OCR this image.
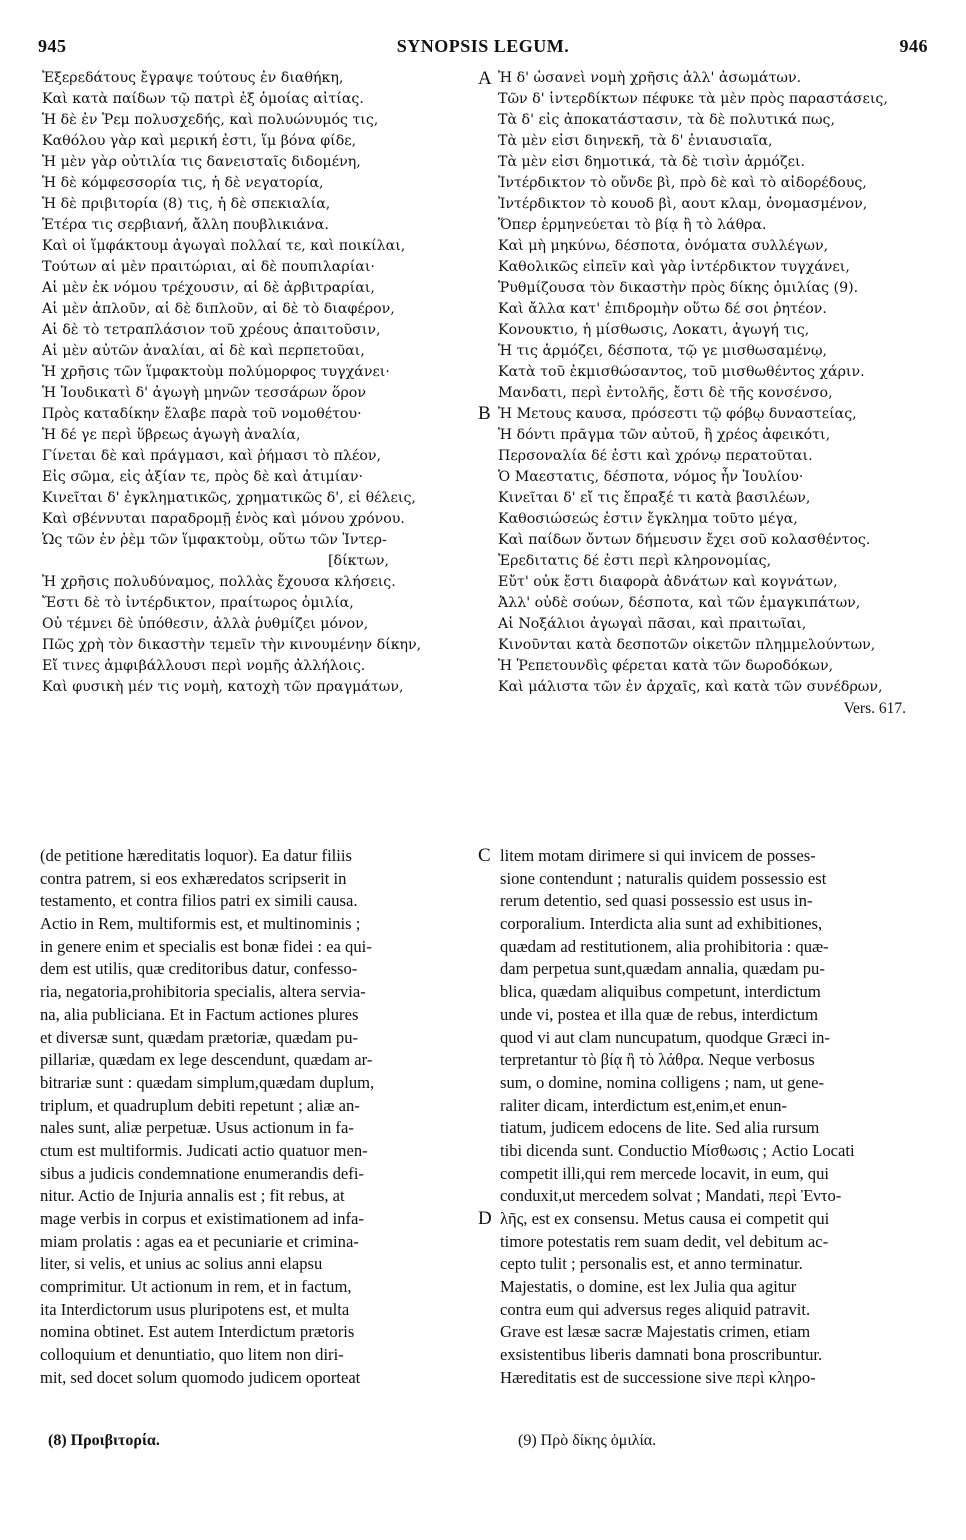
945	SYNOPSIS LEGUM.	946
Ἐξερεδάτους ἔγραψε τούτους ἐν διαθήκη,
Καὶ κατὰ παίδων τῷ πατρὶ ἐξ ὁμοίας αἰτίας.
Ἡ δὲ ἐν Ῥεμ πολυσχεδής, καὶ πολυώνυμός τις,
Καθόλου γὰρ καὶ μερική ἐστι, ἵμ βόνα φίδε,
Ἡ μὲν γὰρ οὐτιλία τις δανεισταῖς διδομένη,
Ἡ δὲ κόμφεσσορία τις, ἡ δὲ νεγατορία,
Ἡ δὲ πριβιτορία (8) τις, ἡ δὲ σπεκιαλία,
Ἑτέρα τις σερβιανή, ἄλλη πουβλικιάνα.
Καὶ οἱ ἵμφάκτουμ ἀγωγαὶ πολλαί τε, καὶ ποικίλαι,
Τούτων αἱ μὲν πραιτώριαι, αἱ δὲ πουπιλαρίαι·
Αἱ μὲν ἐκ νόμου τρέχουσιν, αἱ δὲ ἀρβιτραρίαι,
Αἱ μὲν ἁπλοῦν, αἱ δὲ διπλοῦν, αἱ δὲ τὸ διαφέρον,
Αἱ δὲ τὸ τετραπλάσιον τοῦ χρέους ἀπαιτοῦσιν,
Αἱ μὲν αὐτῶν ἀναλίαι, αἱ δὲ καὶ περπετοῦαι,
Ἡ χρῆσις τῶν ἵμφακτοὺμ πολύμορφος τυγχάνει·
Ἡ Ἰουδικατὶ δ' ἀγωγὴ μηνῶν τεσσάρων ὅρον
Πρὸς καταδίκην ἔλαβε παρὰ τοῦ νομοθέτου·
Ἡ δέ γε περὶ ὕβρεως ἀγωγὴ ἀναλία,
Γίνεται δὲ καὶ πράγμασι, καὶ ῥήμασι τὸ πλέον,
Εἰς σῶμα, εἰς ἀξίαν τε, πρὸς δὲ καὶ ἀτιμίαν·
Κινεῖται δ' ἐγκληματικῶς, χρηματικῶς δ', εἰ θέλεις,
Καὶ σβέννυται παραδρομῇ ἑνὸς καὶ μόνου χρόνου.
Ὡς τῶν ἐν ῥὲμ τῶν ἵμφακτοὺμ, οὕτω τῶν Ἰντερ-
[δίκτων,
Ἡ χρῆσις πολυδύναμος, πολλὰς ἔχουσα κλήσεις.
Ἔστι δὲ τὸ ἰντέρδικτον, πραίτωρος ὁμιλία,
Οὐ τέμνει δὲ ὑπόθεσιν, ἀλλὰ ῥυθμίζει μόνον,
Πῶς χρὴ τὸν δικαστὴν τεμεῖν τὴν κινουμένην δίκην,
Εἴ τινες ἀμφιβάλλουσι περὶ νομῆς ἀλλήλοις.
Καὶ φυσικὴ μέν τις νομὴ, κατοχὴ τῶν πραγμάτων,
Ἡ δ' ὡσανεὶ νομὴ χρῆσις ἀλλ' ἀσωμάτων.
Τῶν δ' ἰντερδίκτων πέφυκε τὰ μὲν πρὸς παραστάσεις,
Τὰ δ' εἰς ἀποκατάστασιν, τὰ δὲ πολυτικά πως,
Τὰ μὲν εἰσι διηνεκῆ, τὰ δ' ἐνιαυσιαῖα,
Τὰ μὲν εἰσι δημοτικά, τὰ δὲ τισὶν ἁρμόζει.
Ἰντέρδικτον τὸ οὔνδε βὶ, πρὸ δὲ καὶ τὸ αἰδορέδους,
Ἰντέρδικτον τὸ κουοδ βὶ, αουτ κλαμ, ὀνομασμένον,
Ὅπερ ἑρμηνεύεται τὸ βίᾳ ἢ τὸ λάθρα.
Καὶ μὴ μηκύνω, δέσποτα, ὀνόματα συλλέγων,
Καθολικῶς εἰπεῖν καὶ γὰρ ἰντέρδικτον τυγχάνει,
Ῥυθμίζουσα τὸν δικαστὴν πρὸς δίκης ὁμιλίας (9).
Καὶ ἄλλα κατ' ἐπιδρομὴν οὕτω δέ σοι ῥητέον.
Κονουκτιο, ἡ μίσθωσις, Λοκατι, ἀγωγή τις,
Ἡ τις ἁρμόζει, δέσποτα, τῷ γε μισθωσαμένῳ,
Κατὰ τοῦ ἐκμισθώσαντος, τοῦ μισθωθέντος χάριν.
Μανδατι, περὶ ἐντολῆς, ἔστι δὲ τῆς κονσένσο,
Ἡ Μετους καυσα, πρόσεστι τῷ φόβῳ δυναστείας,
Ἡ δόντι πρᾶγμα τῶν αὐτοῦ, ἢ χρέος ἀφεικότι,
Περσοναλία δέ ἐστι καὶ χρόνῳ περατοῦται.
Ὁ Μαεστατις, δέσποτα, νόμος ἦν Ἰουλίου·
Κινεῖται δ' εἴ τις ἔπραξέ τι κατὰ βασιλέων,
Καθοσιώσεώς ἐστιν ἔγκλημα τοῦτο μέγα,
Καὶ παίδων ὄντων δήμευσιν ἔχει σοῦ κολασθέντος.
Ἐρεδιτατις δέ ἐστι περὶ κληρονομίας,
Εὔτ' οὐκ ἔστι διαφορὰ ἀδνάτων καὶ κογνάτων,
Ἀλλ' οὐδὲ σούων, δέσποτα, καὶ τῶν ἐμαγκιπάτων,
Αἱ Νοξάλιοι ἀγωγαὶ πᾶσαι, καὶ πραιτωῖαι,
Κινοῦνται κατὰ δεσποτῶν οἰκετῶν πλημμελούντων,
Ἡ Ῥεπετουνδὶς φέρεται κατὰ τῶν δωροδόκων,
Καὶ μάλιστα τῶν ἐν ἀρχαῖς, καὶ κατὰ τῶν συνέδρων,
Vers. 617.
A
B
C
D
(de petitione hæreditatis loquor). Ea datur filiis
contra patrem, si eos exhæredatos scripserit in
testamento, et contra filios patri ex simili causa.
Actio in Rem, multiformis est, et multinominis ;
in genere enim et specialis est bonæ fidei : ea qui-
dem est utilis, quæ creditoribus datur, confesso-
ria, negatoria,prohibitoria specialis, altera servia-
na, alia publiciana. Et in Factum actiones plures
et diversæ sunt, quædam prætoriæ, quædam pu-
pillariæ, quædam ex lege descendunt, quædam ar-
bitrariæ sunt : quædam simplum,quædam duplum,
triplum, et quadruplum debiti repetunt ; aliæ an-
nales sunt, aliæ perpetuæ. Usus actionum in fa-
ctum est multiformis. Judicati actio quatuor men-
sibus a judicis condemnatione enumerandis defi-
nitur. Actio de Injuria annalis est ; fit rebus, at
mage verbis in corpus et existimationem ad infa-
miam prolatis : agas ea et pecuniarie et crimina-
liter, si velis, et unius ac solius anni elapsu
comprimitur. Ut actionum in rem, et in factum,
ita Interdictorum usus pluripotens est, et multa
nomina obtinet. Est autem Interdictum prætoris
colloquium et denuntiatio, quo litem non diri-
mit, sed docet solum quomodo judicem oporteat
litem motam dirimere si qui invicem de posses-
sione contendunt ; naturalis quidem possessio est
rerum detentio, sed quasi possessio est usus in-
corporalium. Interdicta alia sunt ad exhibitiones,
quædam ad restitutionem, alia prohibitoria : quæ-
dam perpetua sunt,quædam annalia, quædam pu-
blica, quædam aliquibus competunt, interdictum
unde vi, postea et illa quæ de rebus, interdictum
quod vi aut clam nuncupatum, quodque Græci in-
terpretantur τὸ βίᾳ ἢ τὸ λάθρα. Neque verbosus
sum, o domine, nomina colligens ; nam, ut gene-
raliter dicam, interdictum est,enim,et enun-
tiatum, judicem edocens de lite. Sed alia rursum
tibi dicenda sunt. Conductio Μίσθωσις ; Actio Locati
competit illi,qui rem mercede locavit, in eum, qui
conduxit,ut mercedem solvat ; Mandati, περὶ Ἐντο-
λῆς, est ex consensu. Metus causa ei competit qui
timore potestatis rem suam dedit, vel debitum ac-
cepto tulit ; personalis est, et anno terminatur.
Majestatis, o domine, est lex Julia qua agitur
contra eum qui adversus reges aliquid patravit.
Grave est læsæ sacræ Majestatis crimen, etiam
exsistentibus liberis damnati bona proscribuntur.
Hæreditatis est de successione sive περὶ κληρο-
(8) Προιβιτορία.	(9) Πρὸ δίκης ὁμιλία.
